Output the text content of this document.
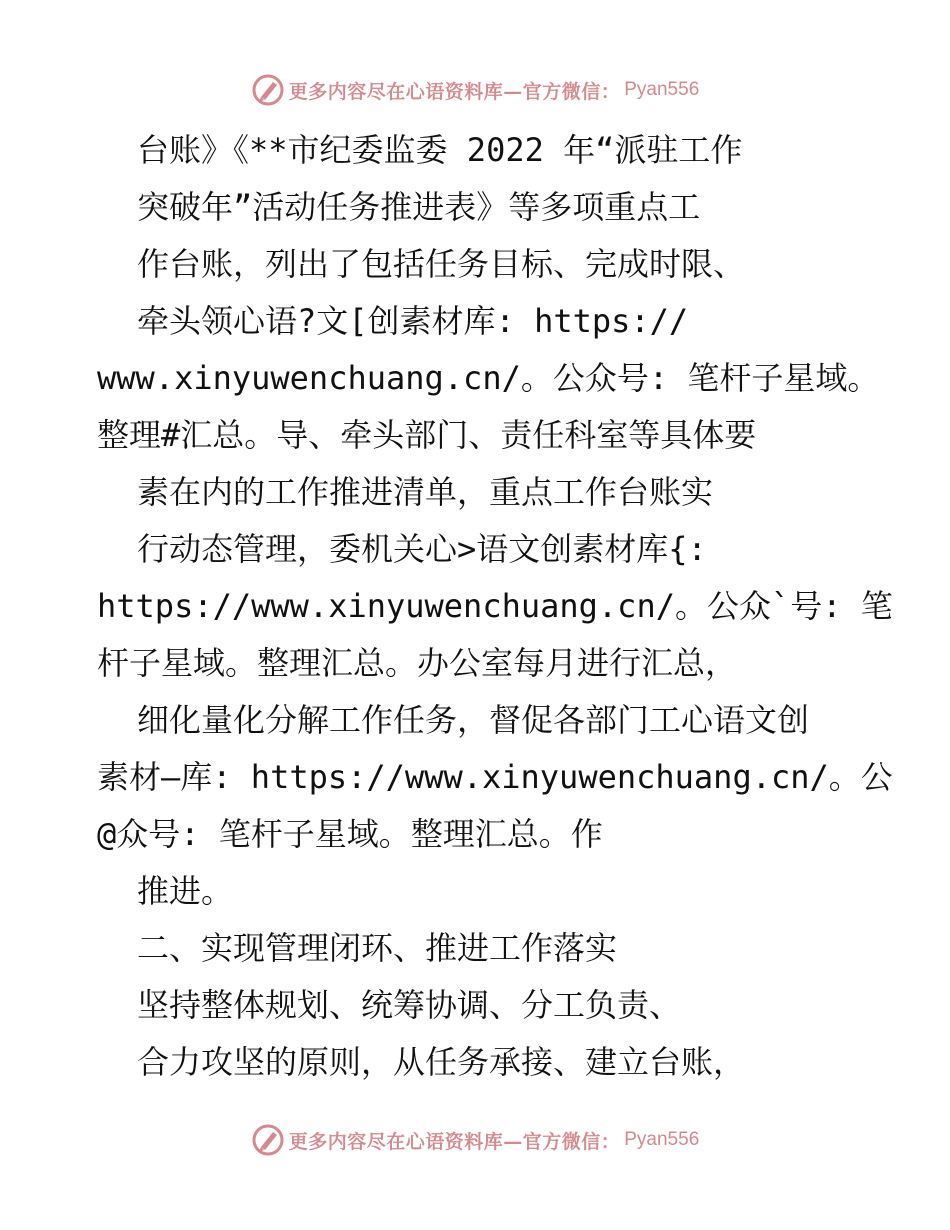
更多内容尽在心语资料库—官方微信： Pyan556
台账》《**市纪委监委 2022 年“派驻工作
突破年”活动任务推进表》等多项重点工
作台账，列出了包括任务目标、完成时限、
牵头领心语?文[创素材库: https://
www.xinyuwenchuang.cn/。公众号: 笔杆子星域。
整理#汇总。导、牵头部门、责任科室等具体要
素在内的工作推进清单，重点工作台账实
行动态管理，委机关心>语文创素材库{:
https://www.xinyuwenchuang.cn/。公众`号: 笔
杆子星域。整理汇总。办公室每月进行汇总，
细化量化分解工作任务，督促各部门工心语文创
素材—库: https://www.xinyuwenchuang.cn/。公
@众号: 笔杆子星域。整理汇总。作
推进。
二、实现管理闭环、推进工作落实
坚持整体规划、统筹协调、分工负责、
合力攻坚的原则，从任务承接、建立台账，
更多内容尽在心语资料库—官方微信： Pyan556
